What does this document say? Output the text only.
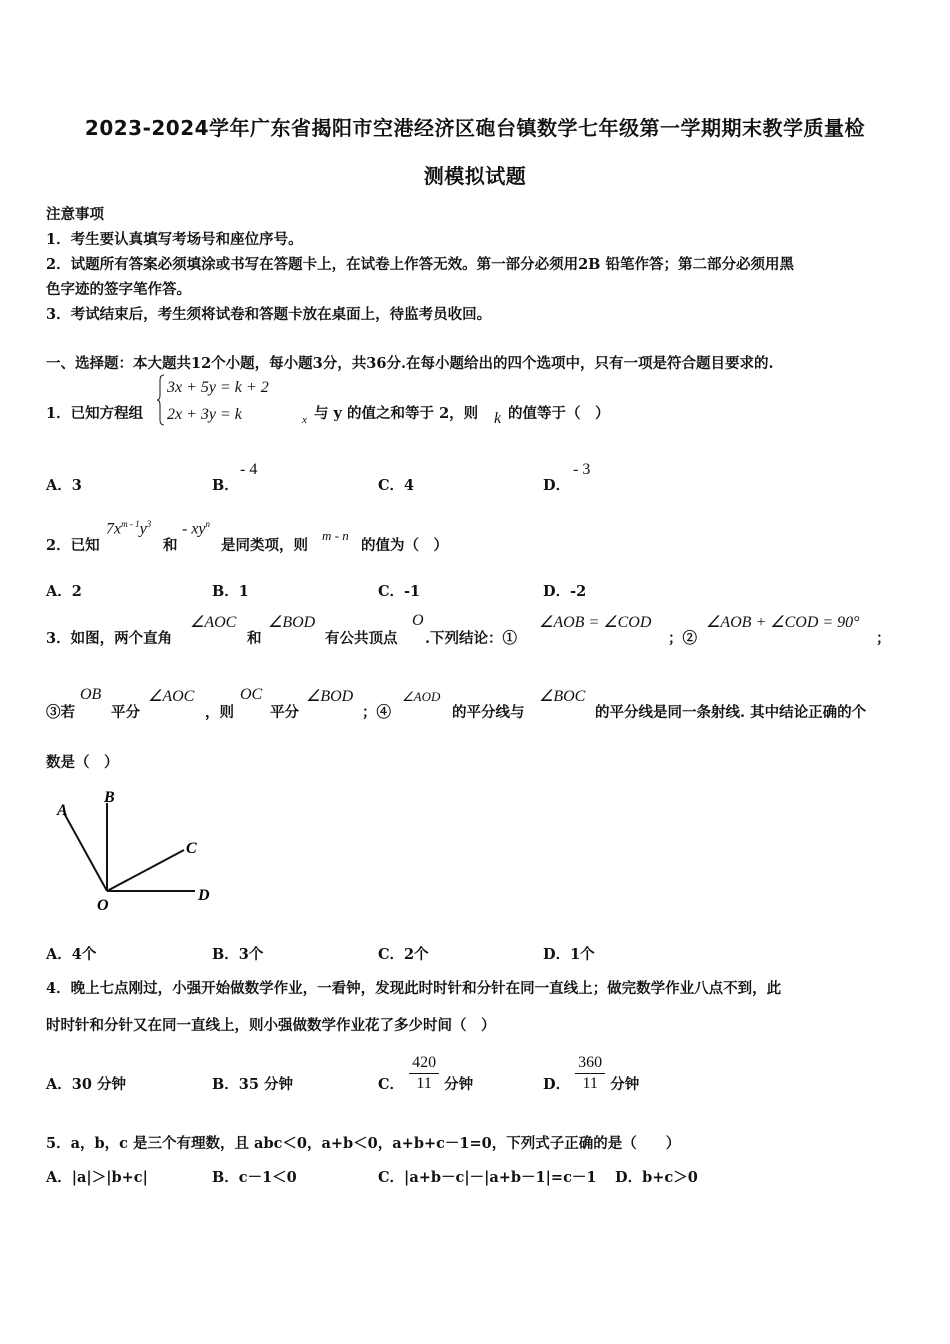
2023-2024学年广东省揭阳市空港经济区砲台镇数学七年级第一学期期末教学质量检
测模拟试题
注意事项
1．考生要认真填写考场号和座位序号。
2．试题所有答案必须填涂或书写在答题卡上，在试卷上作答无效。第一部分必须用2B 铅笔作答；第二部分必须用黑
色字迹的签字笔作答。
3．考试结束后，考生须将试卷和答题卡放在桌面上，待监考员收回。
一、选择题：本大题共12个小题，每小题3分，共36分.在每小题给出的四个选项中，只有一项是符合题目要求的.
1．已知方程组
3x + 5y = k + 2
2x + 3y = k	x 与 y 的值之和等于 2，则 k 的值等于（　）
A．3	B．
- 4
C．4	D．
- 3
2．已知
$7x^{m - 1}y^3$
和
- $xy^n$
是同类项，则
m - n
的值为（　）
A．2	B．1	C．-1	D．-2
3．如图，两个直角
∠AOC
和
∠BOD
有公共顶点
O
.下列结论：①
∠AOB = ∠COD
；②
∠AOB + ∠COD = 90°
；
③若
OB
平分
∠AOC
，则
OC
平分
∠BOD
；④
∠AOD
的平分线与
∠BOC
的平分线是同一条射线. 其中结论正确的个
数是（　）
A
B
C
D
O
A．4个	B．3个	C．2个	D．1个
4．晚上七点刚过，小强开始做数学作业，一看钟，发现此时时针和分针在同一直线上；做完数学作业八点不到，此
时时针和分针又在同一直线上，则小强做数学作业花了多少时间（　）
A．30 分钟	B．35 分钟	C． $\frac{420}{11}$ 分钟	D． $\frac{360}{11}$ 分钟
5．a，b，c 是三个有理数，且 abc＜0，a+b＜0，a+b+c－1=0，下列式子正确的是（　　）
A．|a|＞|b+c|	B．c－1＜0	C．|a+b－c|－|a+b－1|=c－1 D．b+c＞0
